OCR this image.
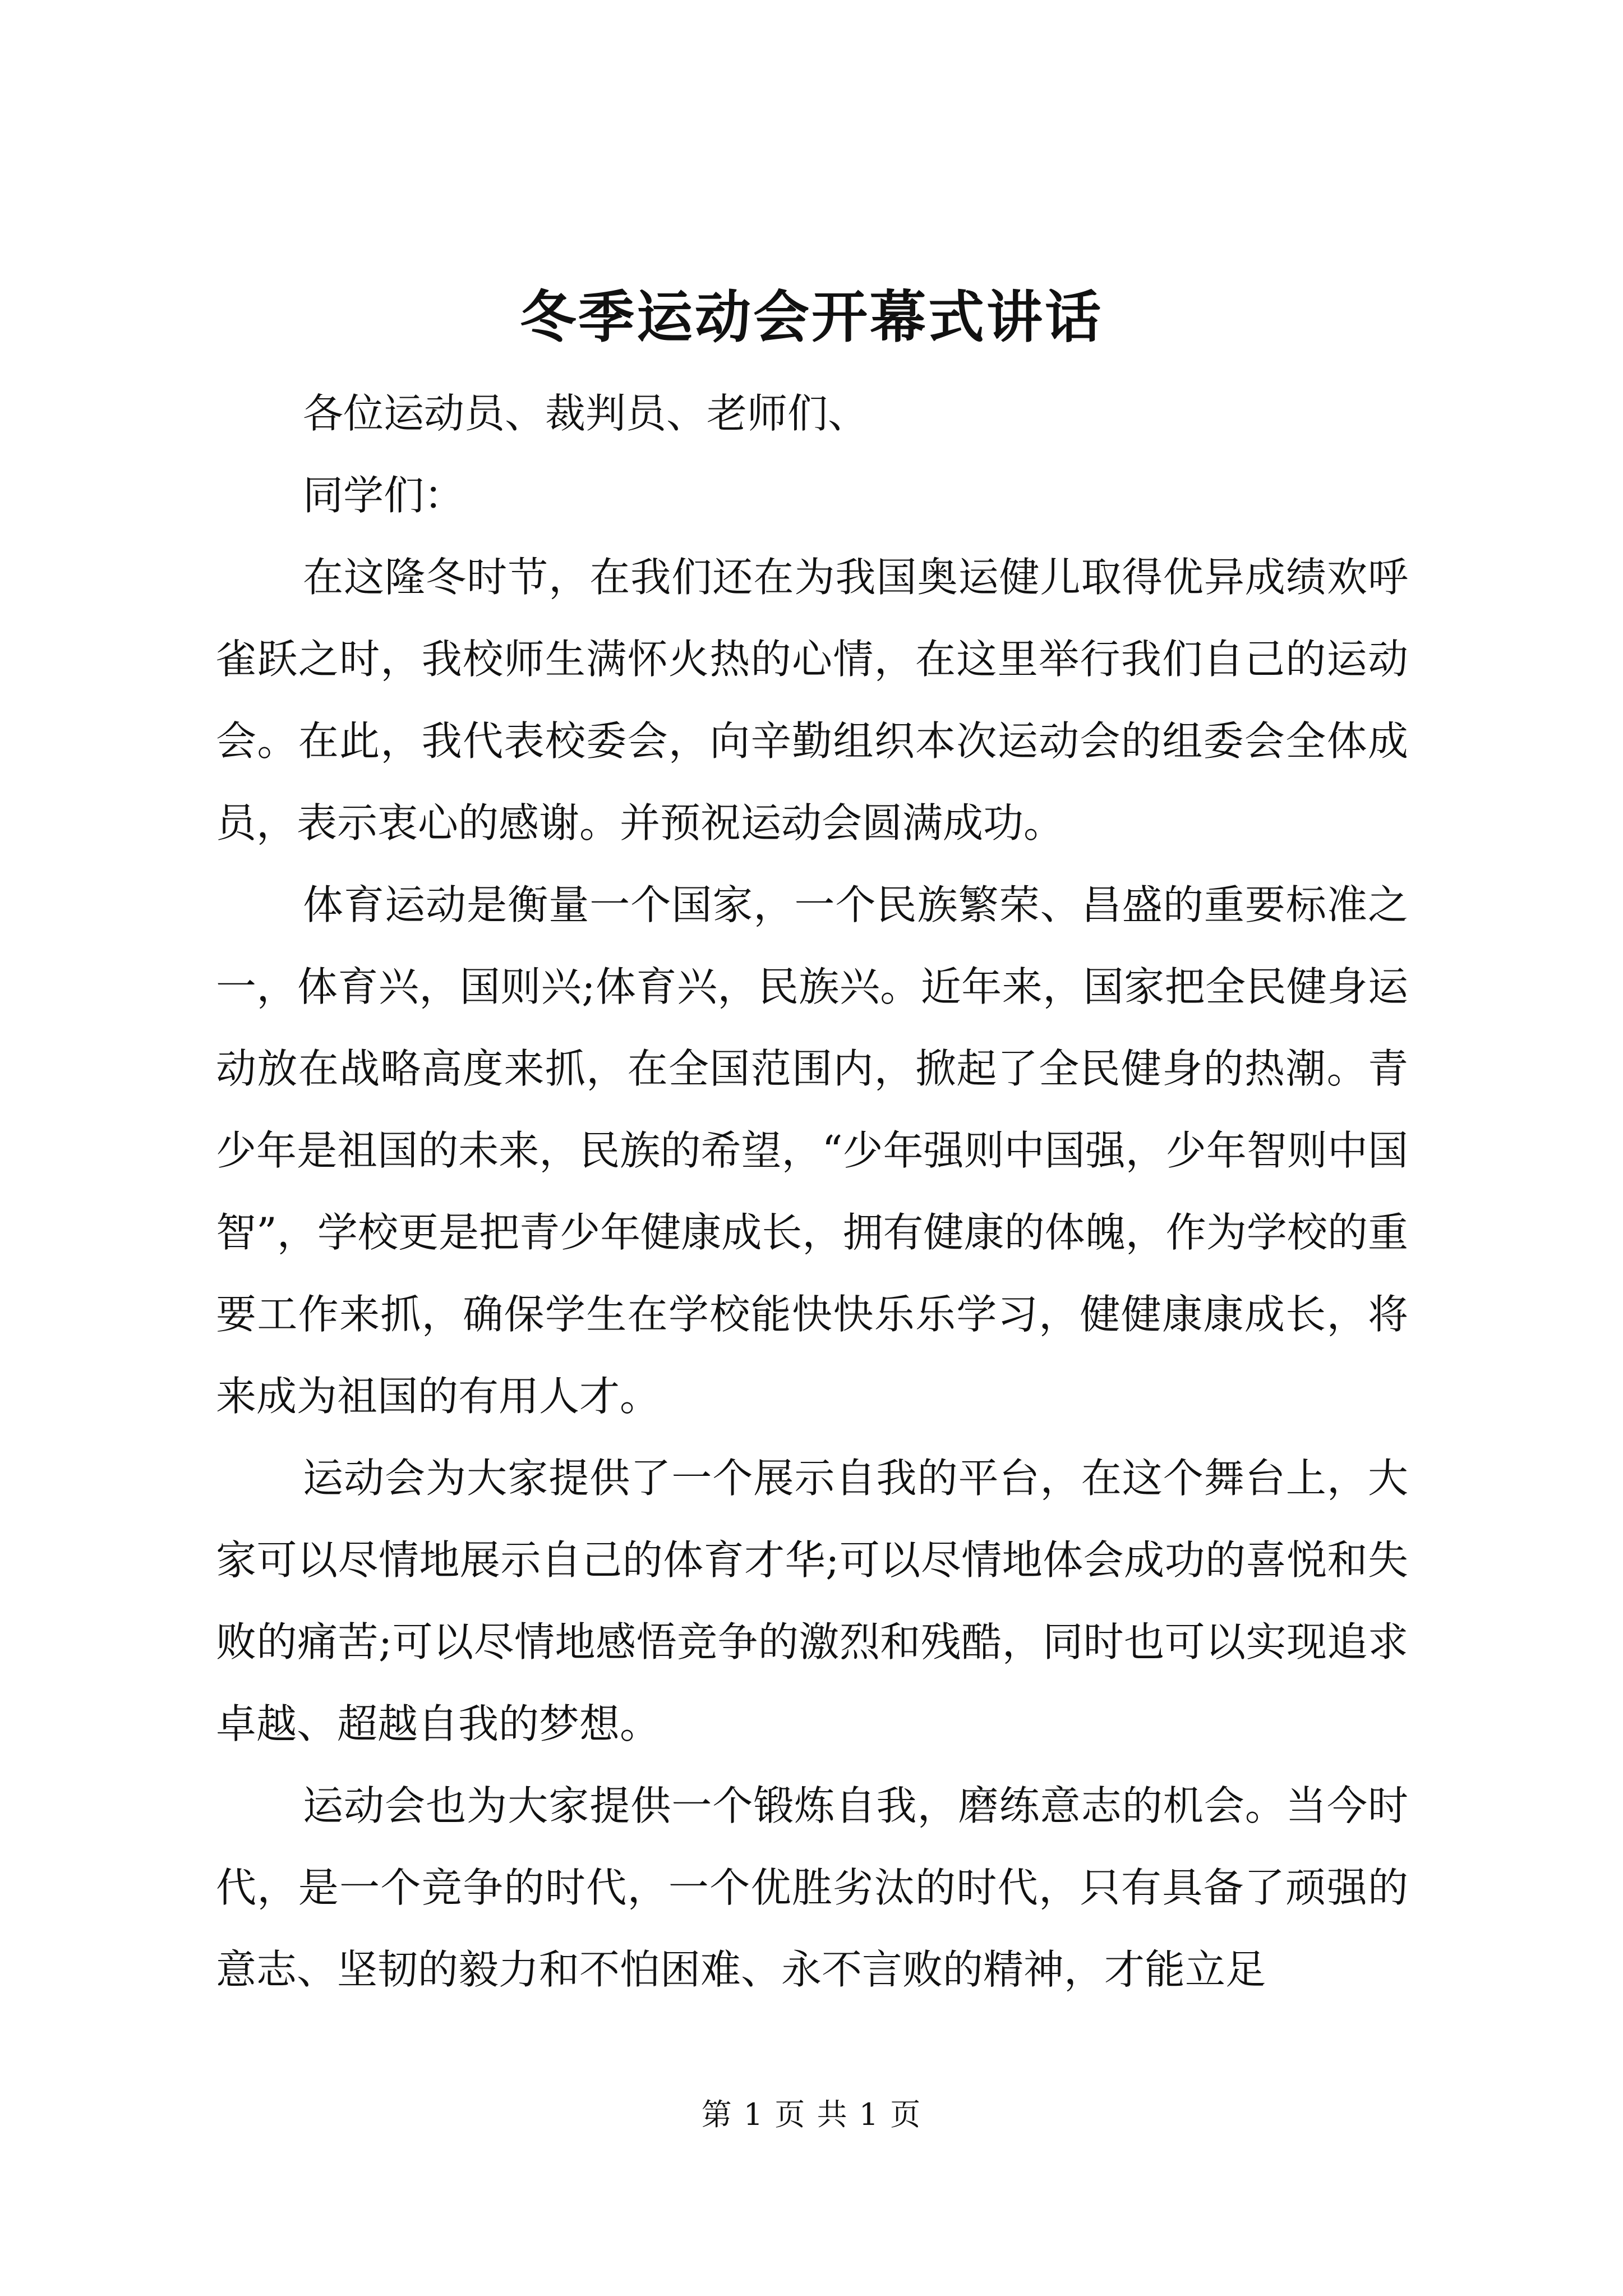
冬季运动会开幕式讲话

各位运动员、裁判员、老师们、

同学们：

在这隆冬时节，在我们还在为我国奥运健儿取得优异成绩欢呼雀跃之时，我校师生满怀火热的心情，在这里举行我们自己的运动会。在此，我代表校委会，向辛勤组织本次运动会的组委会全体成员，表示衷心的感谢。并预祝运动会圆满成功。

体育运动是衡量一个国家，一个民族繁荣、昌盛的重要标准之一，体育兴，国则兴;体育兴，民族兴。近年来，国家把全民健身运动放在战略高度来抓，在全国范围内，掀起了全民健身的热潮。青少年是祖国的未来，民族的希望，“少年强则中国强，少年智则中国智”，学校更是把青少年健康成长，拥有健康的体魄，作为学校的重要工作来抓，确保学生在学校能快快乐乐学习，健健康康成长，将来成为祖国的有用人才。

运动会为大家提供了一个展示自我的平台，在这个舞台上，大家可以尽情地展示自己的体育才华;可以尽情地体会成功的喜悦和失败的痛苦;可以尽情地感悟竞争的激烈和残酷，同时也可以实现追求卓越、超越自我的梦想。

运动会也为大家提供一个锻炼自我，磨练意志的机会。当今时代，是一个竞争的时代，一个优胜劣汰的时代，只有具备了顽强的意志、坚韧的毅力和不怕困难、永不言败的精神，才能立足

第 1 页 共 1 页
